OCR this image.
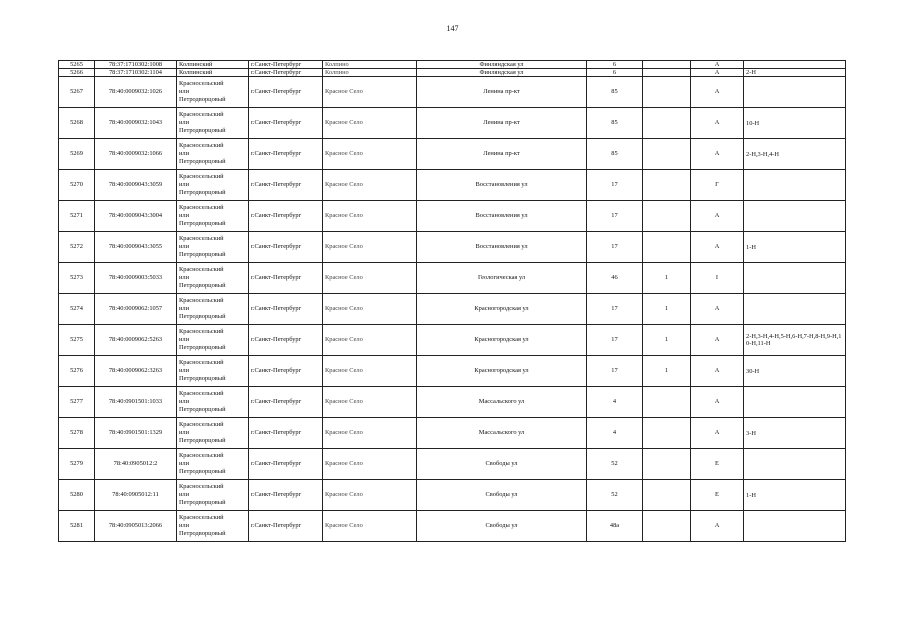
147
5265	78:37:1710302:1008	Колпинский	г.Санкт-Петербург	Колпино	Финляндская ул	6		А	
5266	78:37:1710302:1104	Колпинский	г.Санкт-Петербург	Колпино	Финляндская ул	6		А	2-Н
5267	78:40:0009032:1026	Красносельский
или
Петродворцовый	г.Санкт-Петербург	Красное Село	Ленина пр-кт	85		А	
5268	78:40:0009032:1043	Красносельский
или
Петродворцовый	г.Санкт-Петербург	Красное Село	Ленина пр-кт	85		А	10-Н
5269	78:40:0009032:1066	Красносельский
или
Петродворцовый	г.Санкт-Петербург	Красное Село	Ленина пр-кт	85		А	2-Н,3-Н,4-Н
5270	78:40:0009043:3059	Красносельский
или
Петродворцовый	г.Санкт-Петербург	Красное Село	Восстановления ул	17		Г	
5271	78:40:0009043:3004	Красносельский
или
Петродворцовый	г.Санкт-Петербург	Красное Село	Восстановления ул	17		А	
5272	78:40:0009043:3055	Красносельский
или
Петродворцовый	г.Санкт-Петербург	Красное Село	Восстановления ул	17		А	1-Н
5273	78:40:0009003:5033	Красносельский
или
Петродворцовый	г.Санкт-Петербург	Красное Село	Геологическая ул	46	1	I	
5274	78:40:0009062:1057	Красносельский
или
Петродворцовый	г.Санкт-Петербург	Красное Село	Красногородская ул	17	1	А	
5275	78:40:0009062:5263	Красносельский
или
Петродворцовый	г.Санкт-Петербург	Красное Село	Красногородская ул	17	1	А	2-Н,3-Н,4-Н,5-Н,6-Н,7-Н,8-Н,9-Н,10-Н,11-Н
5276	78:40:0009062:3263	Красносельский
или
Петродворцовый	г.Санкт-Петербург	Красное Село	Красногородская ул	17	1	А	30-Н
5277	78:40:0901501:1033	Красносельский
или
Петродворцовый	г.Санкт-Петербург	Красное Село	Массальского ул	4		А	
5278	78:40:0901501:1329	Красносельский
или
Петродворцовый	г.Санкт-Петербург	Красное Село	Массальского ул	4		А	3-Н
5279	78:40:0905012:2	Красносельский
или
Петродворцовый	г.Санкт-Петербург	Красное Село	Свободы ул	52		Е	
5280	78:40:0905012:11	Красносельский
или
Петродворцовый	г.Санкт-Петербург	Красное Село	Свободы ул	52		Е	1-Н
5281	78:40:0905013:2066	Красносельский
или
Петродворцовый	г.Санкт-Петербург	Красное Село	Свободы ул	48а		А	
